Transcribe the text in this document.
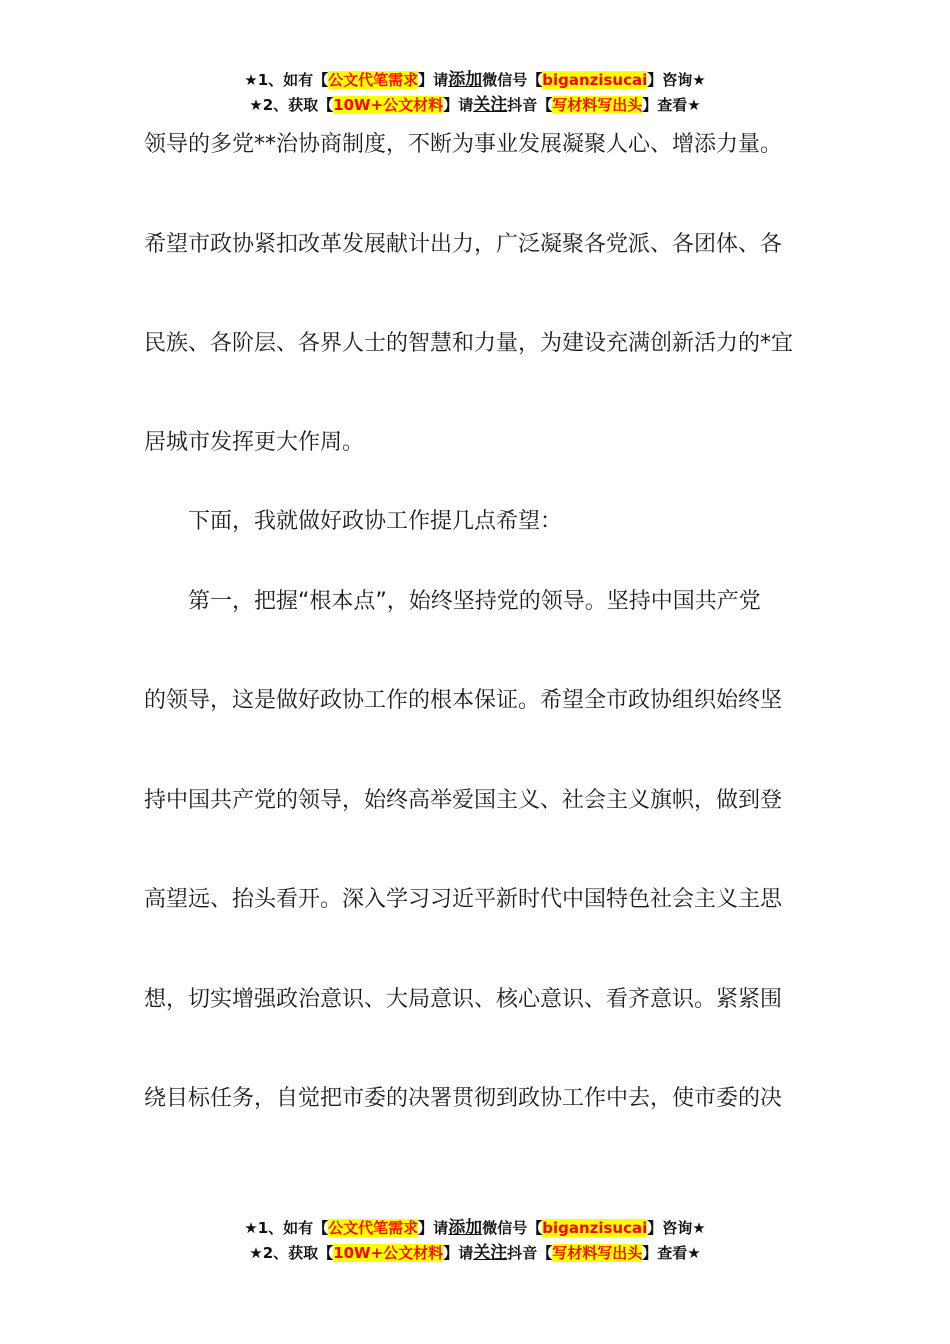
★1、如有【公文代笔需求】请添加微信号【biganzisucai】咨询★
★2、获取【10W+公文材料】请关注抖音【写材料写出头】查看★
领导的多党**治协商制度，不断为事业发展凝聚人心、增添力量。
希望市政协紧扣改革发展献计出力，广泛凝聚各党派、各团体、各
民族、各阶层、各界人士的智慧和力量，为建设充满创新活力的*宜
居城市发挥更大作周。
下面，我就做好政协工作提几点希望：
第一，把握“根本点”，始终坚持党的领导。坚持中国共产党
的领导，这是做好政协工作的根本保证。希望全市政协组织始终坚
持中国共产党的领导，始终高举爱国主义、社会主义旗帜，做到登
高望远、抬头看开。深入学习习近平新时代中国特色社会主义主思
想，切实增强政治意识、大局意识、核心意识、看齐意识。紧紧围
绕目标任务，自觉把市委的决署贯彻到政协工作中去，使市委的决
★1、如有【公文代笔需求】请添加微信号【biganzisucai】咨询★
★2、获取【10W+公文材料】请关注抖音【写材料写出头】查看★
